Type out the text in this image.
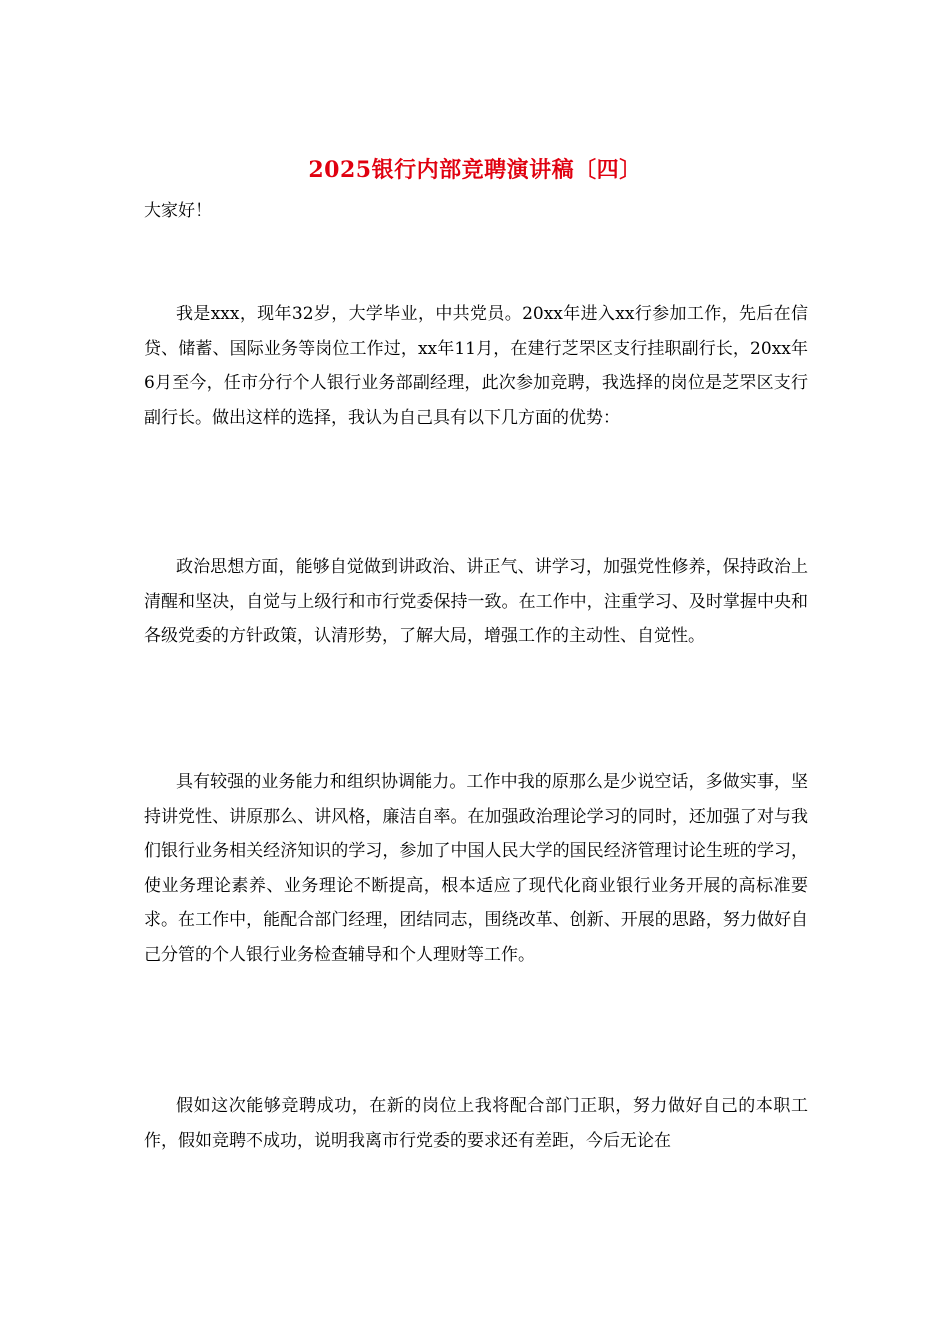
2025银行内部竞聘演讲稿〔四〕
大家好！

我是xxx，现年32岁，大学毕业，中共党员。20xx年进入xx行参加工作，先后在信贷、储蓄、国际业务等岗位工作过，xx年11月，在建行芝罘区支行挂职副行长，20xx年6月至今，任市分行个人银行业务部副经理，此次参加竞聘，我选择的岗位是芝罘区支行副行长。做出这样的选择，我认为自己具有以下几方面的优势：

政治思想方面，能够自觉做到讲政治、讲正气、讲学习，加强党性修养，保持政治上清醒和坚决，自觉与上级行和市行党委保持一致。在工作中，注重学习、及时掌握中央和各级党委的方针政策，认清形势，了解大局，增强工作的主动性、自觉性。

具有较强的业务能力和组织协调能力。工作中我的原那么是少说空话，多做实事，坚持讲党性、讲原那么、讲风格，廉洁自率。在加强政治理论学习的同时，还加强了对与我们银行业务相关经济知识的学习，参加了中国人民大学的国民经济管理讨论生班的学习，使业务理论素养、业务理论不断提高，根本适应了现代化商业银行业务开展的高标准要求。在工作中，能配合部门经理，团结同志，围绕改革、创新、开展的思路，努力做好自己分管的个人银行业务检查辅导和个人理财等工作。

假如这次能够竞聘成功，在新的岗位上我将配合部门正职，努力做好自己的本职工作，假如竞聘不成功，说明我离市行党委的要求还有差距，今后无论在
